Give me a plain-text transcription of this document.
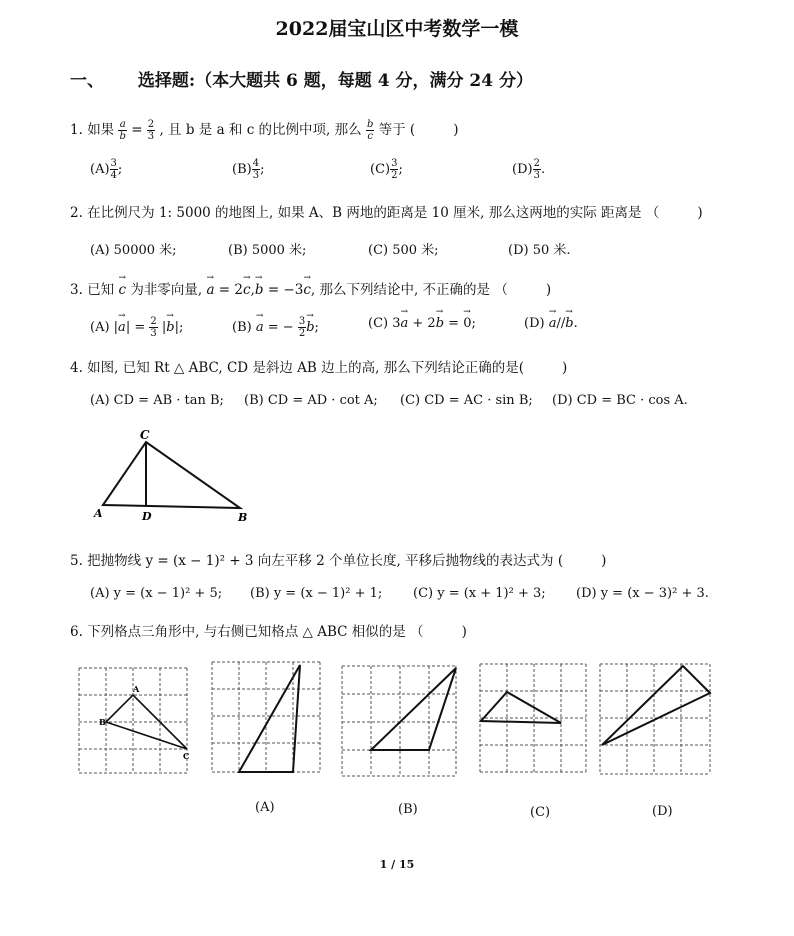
2022届宝山区中考数学一模
一、 选择题:（本大题共 6 题，每题 4 分，满分 24 分）
1. 如果 $\frac{a}{b} = \frac{2}{3}$ , 且 b 是 a 和 c 的比例中项, 那么 $\frac{b}{c}$ 等于 (	)
$(A) \frac{3}{4}$ ;	$(B) \frac{4}{3}$ ;	$(C) \frac{3}{2}$ ;	$(D) \frac{2}{3}$ .
2. 在比例尺为 1: 5000 的地图上, 如果 A、B 两地的距离是 10 厘米, 那么这两地的实际 距离是 （	)
(A) 50000 米;	(B) 5000 米;	(C) 500 米;	(D) 50 米.
3. 已知 → c 为非零向量, → a = 2→ c,→ b = −3→ c, 那么下列结论中, 不正确的是 （	)
(A) |→ $a| = \frac{2}{3}$ |→ b|;	(B) → a = − $\frac{3}{2}$
→ b;	(C) 3→ a + 2→ b = → 0;	(D) → a//→ b.
4. 如图, 已知 Rt △ ABC, CD 是斜边 AB 边上的高, 那么下列结论正确的是(	)
(A) CD = AB · tan B; (B) CD = AD · cot A; (C) CD = AC · sin B; (D) CD = BC · cos A.
C
A	D	B
5. 把抛物线 y = (x − 1)² + 3 向左平移 2 个单位长度, 平移后抛物线的表达式为 (	)
(A) y = (x − 1)² + 5; (B) y = (x − 1)² + 1; (C) y = (x + 1)² + 3; (D) y = (x − 3)² + 3.
6. 下列格点三角形中, 与右侧已知格点 △ ABC 相似的是 （	)
A
B
C
(A)	(B)	(C)	(D)
1 / 15
